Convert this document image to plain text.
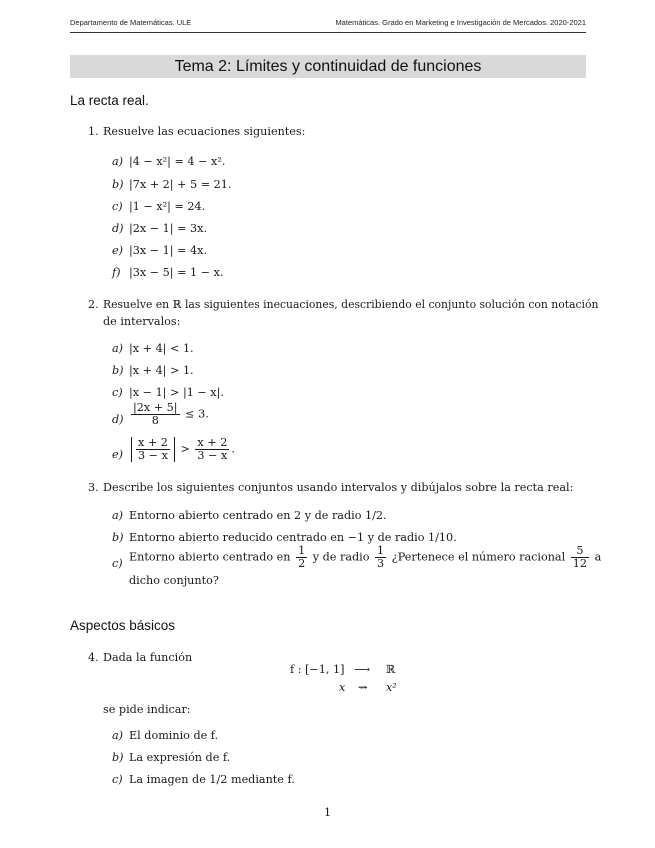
Departamento de Matemáticas. ULE	Matemáticas. Grado en Marketing e Investigación de Mercados. 2020-2021
Tema 2: Límites y continuidad de funciones
La recta real.
1. Resuelve las ecuaciones siguientes:
a) |4 − x²| = 4 − x².
b) |7x + 2| + 5 = 21.
c) |1 − x²| = 24.
d) |2x − 1| = 3x.
e) |3x − 1| = 4x.
f) |3x − 5| = 1 − x.
2. Resuelve en ℝ las siguientes inecuaciones, describiendo el conjunto solución con notación
de intervalos:
a) |x + 4| < 1.
b) |x + 4| > 1.
c) |x − 1| > |1 − x|.
$d) \frac{|2x + 5|}{8} \le 3$.
$e) \frac{x + 2}{3 - x} > \frac{x + 2}{3 - x}$ .
3. Describe los siguientes conjuntos usando intervalos y dibújalos sobre la recta real:
a) Entorno abierto centrado en 2 y de radio 1/2.
b) Entorno abierto reducido centrado en −1 y de radio 1/10.
c) Entorno abierto centrado en $\frac{1}{2}$ y de radio $\frac{1}{3}$ ¿Pertenece el número racional $\frac{5}{12}$ a
dicho conjunto?
Aspectos básicos
4. Dada la función
f : [−1, 1] ⟶ ℝ
x ⇝ x²
se pide indicar:
a) El dominio de f.
b) La expresión de f.
c) La imagen de 1/2 mediante f.
1
